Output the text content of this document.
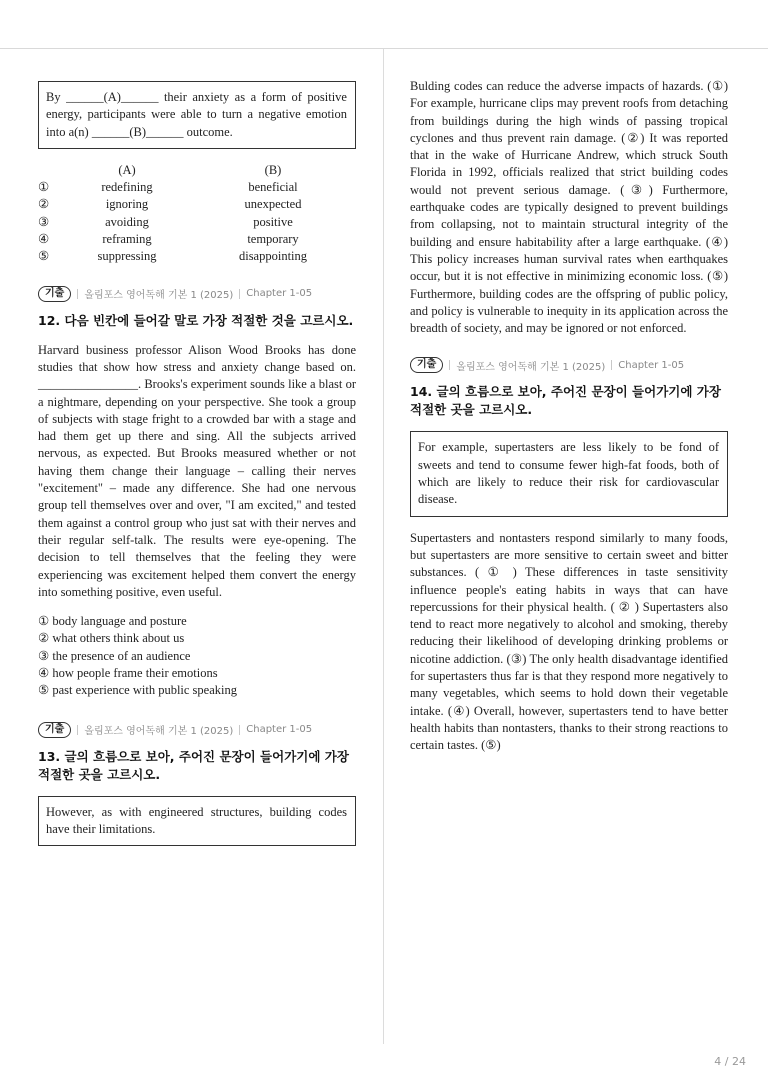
By ______(A)______ their anxiety as a form of positive energy, participants were able to turn a negative emotion into a(n) ______(B)______ outcome.
	(A)	(B)
①	redefining	beneficial
②	ignoring	unexpected
③	avoiding	positive
④	reframing	temporary
⑤	suppressing	disappointing
기출	올림포스 영어독해 기본 1 (2025) Chapter 1-05

12. 다음 빈칸에 들어갈 말로 가장 적절한 것을 고르시오.

Harvard business professor Alison Wood Brooks has done studies that show how stress and anxiety change based on. ________________. Brooks's experiment sounds like a blast or a nightmare, depending on your perspective. She took a group of subjects with stage fright to a crowded bar with a stage and had them get up there and sing. All the subjects arrived nervous, as expected. But Brooks measured whether or not having them change their language – calling their nerves "excitement" – made any difference. She had one nervous group tell themselves over and over, "I am excited," and tested them against a control group who just sat with their nerves and their regular self-talk. The results were eye-opening. The decision to tell themselves that the feeling they were experiencing was excitement helped them convert the energy into something positive, even useful.

① body language and posture
② what others think about us
③ the presence of an audience
④ how people frame their emotions
⑤ past experience with public speaking
기출	올림포스 영어독해 기본 1 (2025) Chapter 1-05

13. 글의 흐름으로 보아, 주어진 문장이 들어가기에 가장 적절한 곳을 고르시오.

However, as with engineered structures, building codes have their limitations.

Bulding codes can reduce the adverse impacts of hazards. (①) For example, hurricane clips may prevent roofs from detaching from buildings during the high winds of passing tropical cyclones and thus prevent rain damage. (②) It was reported that in the wake of Hurricane Andrew, which struck South Florida in 1992, officials realized that strict building codes would not prevent serious damage. (③) Furthermore, earthquake codes are typically designed to prevent buildings from collapsing, not to maintain structural integrity of the building and ensure habitability after a large earthquake. (④) This policy increases human survival rates when earthquakes occur, but it is not effective in minimizing economic loss. (⑤) Furthermore, building codes are the offspring of public policy, and policy is vulnerable to inequity in its application across the breadth of society, and may be ignored or not enforced.

기출	올림포스 영어독해 기본 1 (2025) Chapter 1-05

14. 글의 흐름으로 보아, 주어진 문장이 들어가기에 가장 적절한 곳을 고르시오.

For example, supertasters are less likely to be fond of sweets and tend to consume fewer high-fat foods, both of which are likely to reduce their risk for cardiovascular disease.

Supertasters and nontasters respond similarly to many foods, but supertasters are more sensitive to certain sweet and bitter substances. ( ① ) These differences in taste sensitivity influence people's eating habits in ways that can have repercussions for their physical health. ( ② ) Supertasters also tend to react more negatively to alcohol and smoking, thereby reducing their likelihood of developing drinking problems or nicotine addiction. (③) The only health disadvantage identified for supertasters thus far is that they respond more negatively to many vegetables, which seems to hold down their vegetable intake. (④) Overall, however, supertasters tend to have better health habits than nontasters, thanks to their strong reactions to certain tastes. (⑤)

4 / 24
